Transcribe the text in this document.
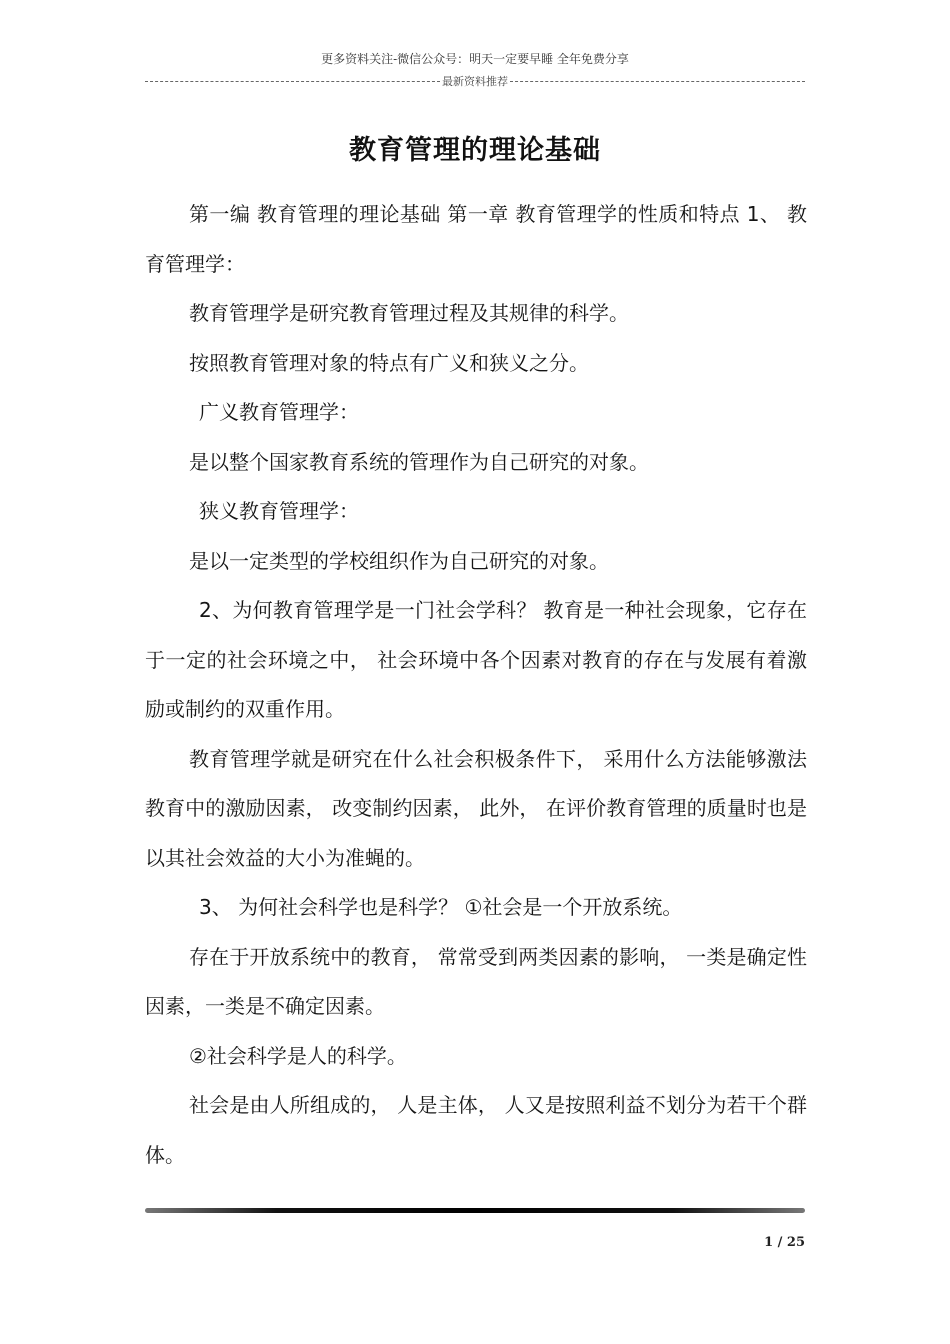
更多资料关注-微信公众号：明天一定要早睡 全年免费分享
最新资料推荐
教育管理的理论基础

第一编 教育管理的理论基础 第一章 教育管理学的性质和特点 1、 教育管理学：

教育管理学是研究教育管理过程及其规律的科学。

按照教育管理对象的特点有广义和狭义之分。

广义教育管理学：

是以整个国家教育系统的管理作为自己研究的对象。

狭义教育管理学：

是以一定类型的学校组织作为自己研究的对象。

2、为何教育管理学是一门社会学科？ 教育是一种社会现象，它存在于一定的社会环境之中， 社会环境中各个因素对教育的存在与发展有着激励或制约的双重作用。

教育管理学就是研究在什么社会积极条件下， 采用什么方法能够激法教育中的激励因素， 改变制约因素， 此外， 在评价教育管理的质量时也是以其社会效益的大小为准蝇的。

3、 为何社会科学也是科学？ ①社会是一个开放系统。

存在于开放系统中的教育， 常常受到两类因素的影响， 一类是确定性因素，一类是不确定因素。

②社会科学是人的科学。

社会是由人所组成的， 人是主体， 人又是按照利益不划分为若干个群体。

1 / 25
